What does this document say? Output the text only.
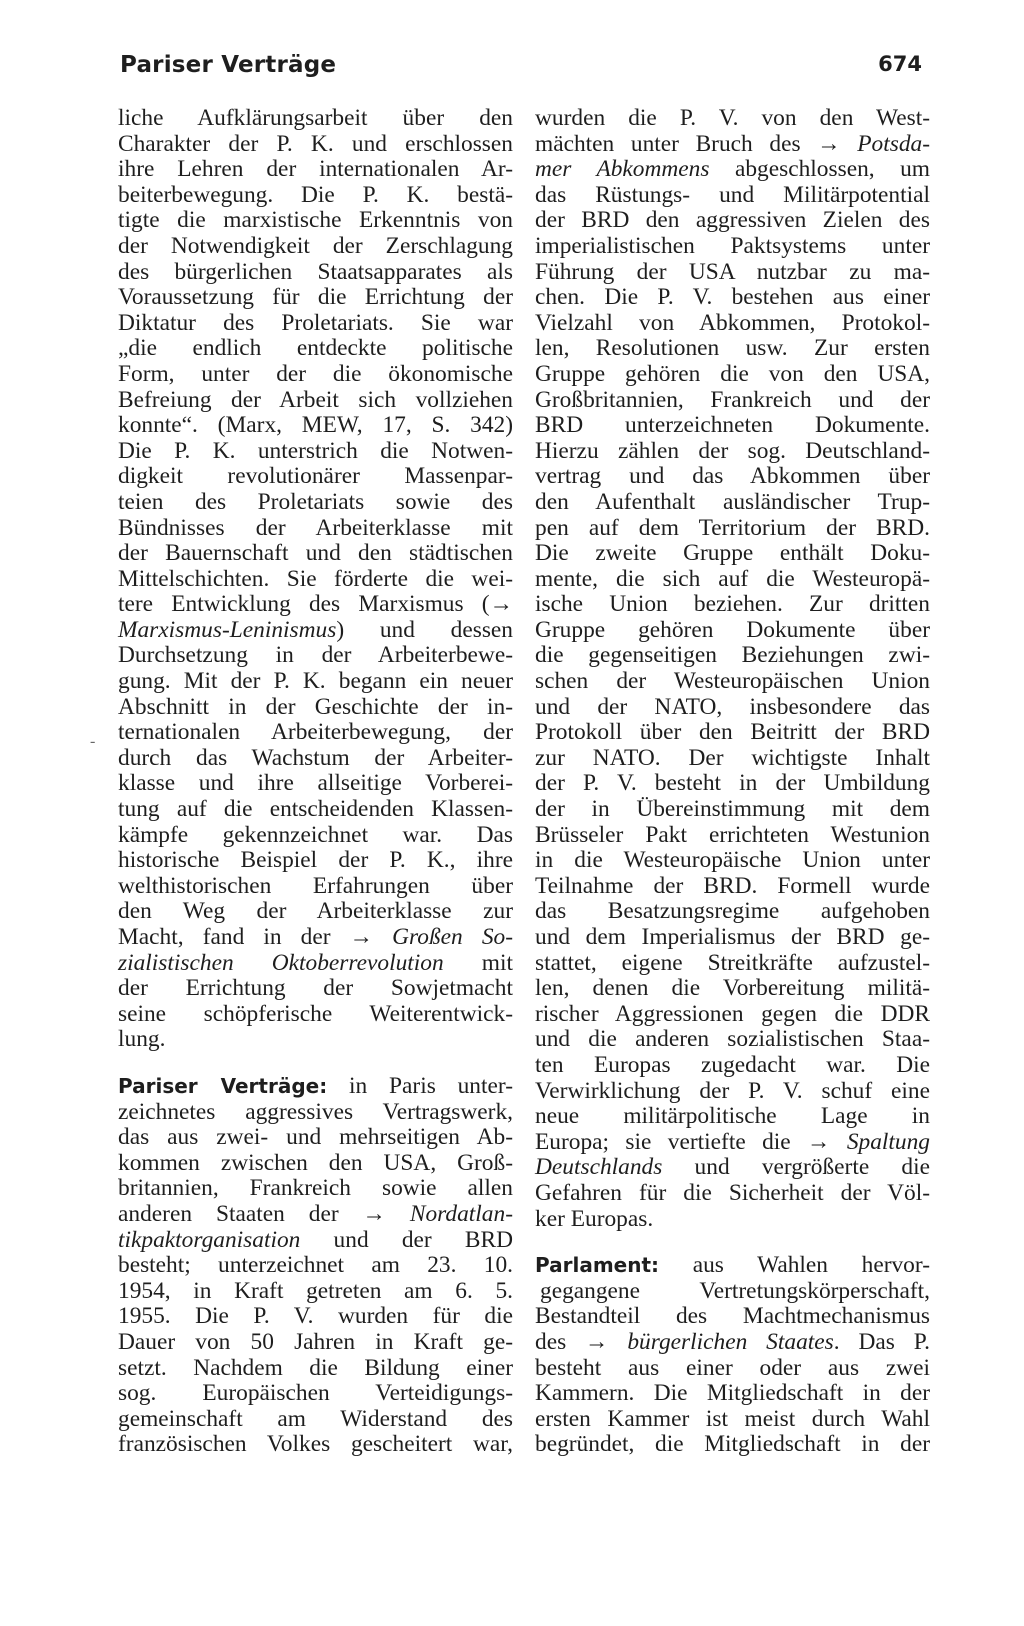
Pariser Verträge	674
-
liche Aufklärungsarbeit über den
Charakter der P. K. und erschlossen
ihre Lehren der internationalen Ar-
beiterbewegung. Die P. K. bestä-
tigte die marxistische Erkenntnis von
der Notwendigkeit der Zerschlagung
des bürgerlichen Staatsapparates als
Voraussetzung für die Errichtung der
Diktatur des Proletariats. Sie war
„die endlich entdeckte politische
Form, unter der die ökonomische
Befreiung der Arbeit sich vollziehen
konnte“. (Marx, MEW, 17, S. 342)
Die P. K. unterstrich die Notwen-
digkeit revolutionärer Massenpar-
teien des Proletariats sowie des
Bündnisses der Arbeiterklasse mit
der Bauernschaft und den städtischen
Mittelschichten. Sie förderte die wei-
tere Entwicklung des Marxismus (→
Marxismus-Leninismus) und dessen
Durchsetzung in der Arbeiterbewe-
gung. Mit der P. K. begann ein neuer
Abschnitt in der Geschichte der in-
ternationalen Arbeiterbewegung, der
durch das Wachstum der Arbeiter-
klasse und ihre allseitige Vorberei-
tung auf die entscheidenden Klassen-
kämpfe gekennzeichnet war. Das
historische Beispiel der P. K., ihre
welthistorischen Erfahrungen über
den Weg der Arbeiterklasse zur
Macht, fand in der → Großen So-
zialistischen Oktoberrevolution mit
der Errichtung der Sowjetmacht
seine schöpferische Weiterentwick-
lung.
Pariser Verträge: in Paris unter-
zeichnetes aggressives Vertragswerk,
das aus zwei- und mehrseitigen Ab-
kommen zwischen den USA, Groß-
britannien, Frankreich sowie allen
anderen Staaten der → Nordatlan-
tikpaktorganisation und der BRD
besteht; unterzeichnet am 23. 10.
1954, in Kraft getreten am 6. 5.
1955. Die P. V. wurden für die
Dauer von 50 Jahren in Kraft ge-
setzt. Nachdem die Bildung einer
sog. Europäischen Verteidigungs-
gemeinschaft am Widerstand des
französischen Volkes gescheitert war,
wurden die P. V. von den West-
mächten unter Bruch des → Potsda-
mer Abkommens abgeschlossen, um
das Rüstungs- und Militärpotential
der BRD den aggressiven Zielen des
imperialistischen Paktsystems unter
Führung der USA nutzbar zu ma-
chen. Die P. V. bestehen aus einer
Vielzahl von Abkommen, Protokol-
len, Resolutionen usw. Zur ersten
Gruppe gehören die von den USA,
Großbritannien, Frankreich und der
BRD unterzeichneten Dokumente.
Hierzu zählen der sog. Deutschland-
vertrag und das Abkommen über
den Aufenthalt ausländischer Trup-
pen auf dem Territorium der BRD.
Die zweite Gruppe enthält Doku-
mente, die sich auf die Westeuropä-
ische Union beziehen. Zur dritten
Gruppe gehören Dokumente über
die gegenseitigen Beziehungen zwi-
schen der Westeuropäischen Union
und der NATO, insbesondere das
Protokoll über den Beitritt der BRD
zur NATO. Der wichtigste Inhalt
der P. V. besteht in der Umbildung
der in Übereinstimmung mit dem
Brüsseler Pakt errichteten Westunion
in die Westeuropäische Union unter
Teilnahme der BRD. Formell wurde
das Besatzungsregime aufgehoben
und dem Imperialismus der BRD ge-
stattet, eigene Streitkräfte aufzustel-
len, denen die Vorbereitung militä-
rischer Aggressionen gegen die DDR
und die anderen sozialistischen Staa-
ten Europas zugedacht war. Die
Verwirklichung der P. V. schuf eine
neue militärpolitische Lage in
Europa; sie vertiefte die → Spaltung
Deutschlands und vergrößerte die
Gefahren für die Sicherheit der Völ-
ker Europas.
Parlament: aus Wahlen hervor-
gegangene Vertretungskörperschaft,
Bestandteil des Machtmechanismus
des → bürgerlichen Staates. Das P.
besteht aus einer oder aus zwei
Kammern. Die Mitgliedschaft in der
ersten Kammer ist meist durch Wahl
begründet, die Mitgliedschaft in der
